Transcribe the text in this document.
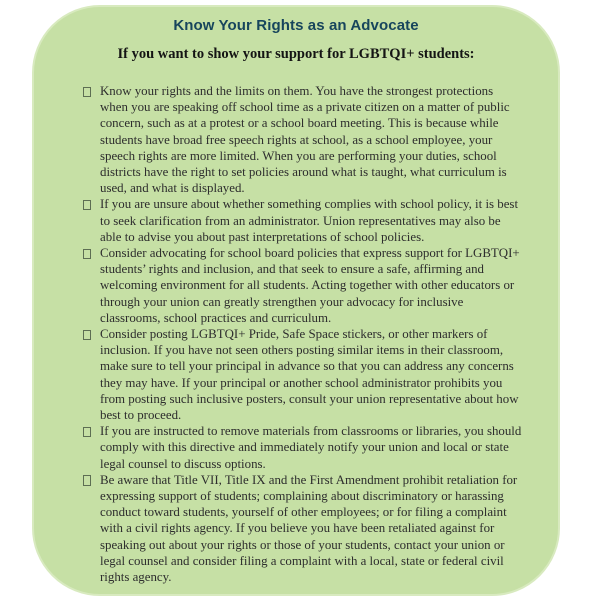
Know Your Rights as an Advocate
If you want to show your support for LGBTQI+ students:
Know your rights and the limits on them. You have the strongest protections when you are speaking off school time as a private citizen on a matter of public concern, such as at a protest or a school board meeting. This is because while students have broad free speech rights at school, as a school employee, your speech rights are more limited. When you are performing your duties, school districts have the right to set policies around what is taught, what curriculum is used, and what is displayed.
If you are unsure about whether something complies with school policy, it is best to seek clarification from an administrator. Union representatives may also be able to advise you about past interpretations of school policies.
Consider advocating for school board policies that express support for LGBTQI+ students’ rights and inclusion, and that seek to ensure a safe, affirming and welcoming environment for all students. Acting together with other educators or through your union can greatly strengthen your advocacy for inclusive classrooms, school practices and curriculum.
Consider posting LGBTQI+ Pride, Safe Space stickers, or other markers of inclusion. If you have not seen others posting similar items in their classroom, make sure to tell your principal in advance so that you can address any concerns they may have. If your principal or another school administrator prohibits you from posting such inclusive posters, consult your union representative about how best to proceed.
If you are instructed to remove materials from classrooms or libraries, you should comply with this directive and immediately notify your union and local or state legal counsel to discuss options.
Be aware that Title VII, Title IX and the First Amendment prohibit retaliation for expressing support of students; complaining about discriminatory or harassing conduct toward students, yourself of other employees; or for filing a complaint with a civil rights agency. If you believe you have been retaliated against for speaking out about your rights or those of your students, contact your union or legal counsel and consider filing a complaint with a local, state or federal civil rights agency.
